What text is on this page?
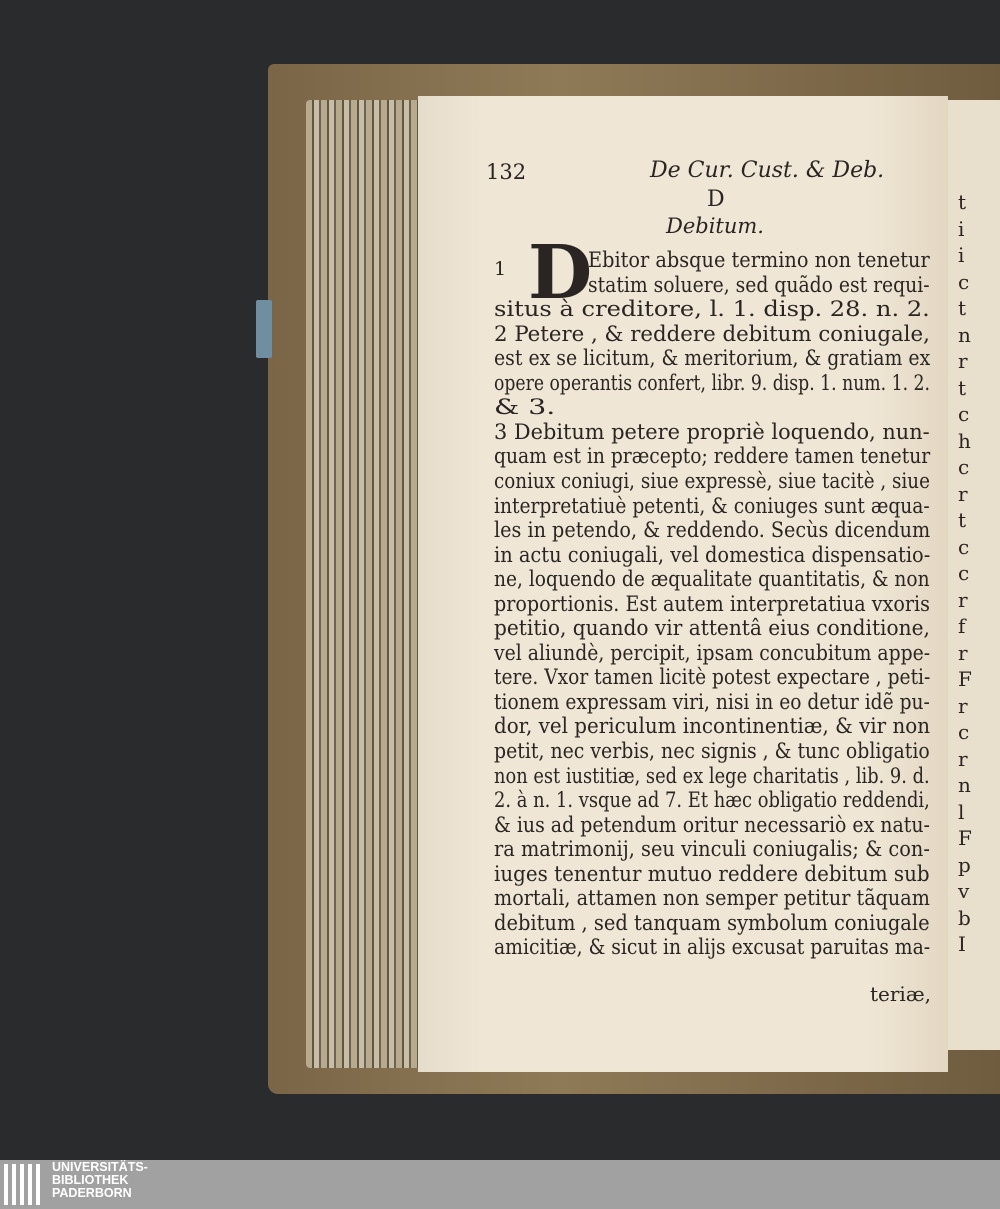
t
i
i
c
t
n
r
t
c
h
c
r
t
c
c
r
f
r
F
r
c
r
n
l
F
p
v
b
I
132	De Cur. Cust. & Deb.
D
Debitum.
1 D
Ebitor absque termino non tenetur
statim soluere, sed quãdo est requi-
situs à creditore, l. 1. disp. 28. n. 2.
2 Petere , & reddere debitum coniugale,
est ex se licitum, & meritorium, & gratiam ex
opere operantis confert, libr. 9. disp. 1. num. 1. 2.
& 3.
3 Debitum petere propriè loquendo, nun-
quam est in præcepto; reddere tamen tenetur
coniux coniugi, siue expressè, siue tacitè , siue
interpretatiuè petenti, & coniuges sunt æqua-
les in petendo, & reddendo. Secùs dicendum
in actu coniugali, vel domestica dispensatio-
ne, loquendo de æqualitate quantitatis, & non
proportionis. Est autem interpretatiua vxoris
petitio, quando vir attentâ eius conditione,
vel aliundè, percipit, ipsam concubitum appe-
tere. Vxor tamen licitè potest expectare , peti-
tionem expressam viri, nisi in eo detur idẽ pu-
dor, vel periculum incontinentiæ, & vir non
petit, nec verbis, nec signis , & tunc obligatio
non est iustitiæ, sed ex lege charitatis , lib. 9. d.
2. à n. 1. vsque ad 7. Et hæc obligatio reddendi,
& ius ad petendum oritur necessariò ex natu-
ra matrimonij, seu vinculi coniugalis; & con-
iuges tenentur mutuo reddere debitum sub
mortali, attamen non semper petitur tãquam
debitum , sed tanquam symbolum coniugale
amicitiæ, & sicut in alijs excusat paruitas ma-
teriæ,
UNIVERSITÄTS-
BIBLIOTHEK
PADERBORN
